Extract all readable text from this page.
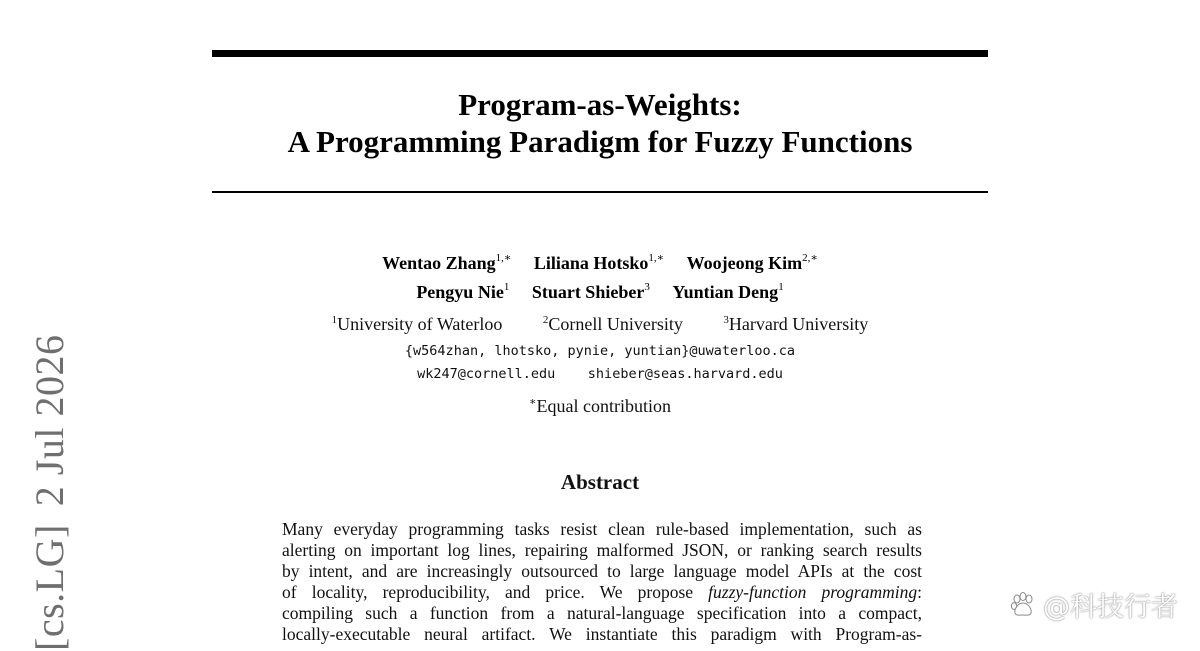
Program-as-Weights:
A Programming Paradigm for Fuzzy Functions
Wentao Zhang$^{1,∗}$ Liliana Hotsko$^{1,∗}$ Woojeong Kim$^{2,∗}$
Pengyu Nie$^1$ Stuart Shieber$^3$ Yuntian Deng$^1$
$^1$University of Waterloo	$^2$Cornell University	$^3$Harvard University
{w564zhan, lhotsko, pynie, yuntian}@uwaterloo.ca
wk247@cornell.edu    shieber@seas.harvard.edu
∗Equal contribution
Abstract
Many everyday programming tasks resist clean rule-based implementation, such as
alerting on important log lines, repairing malformed JSON, or ranking search results
by intent, and are increasingly outsourced to large language model APIs at the cost
of locality, reproducibility, and price. We propose fuzzy-function programming:
compiling such a function from a natural-language specification into a compact,
locally-executable neural artifact. We instantiate this paradigm with Program-as-
[cs.LG]2 Jul 2026
@科技行者
